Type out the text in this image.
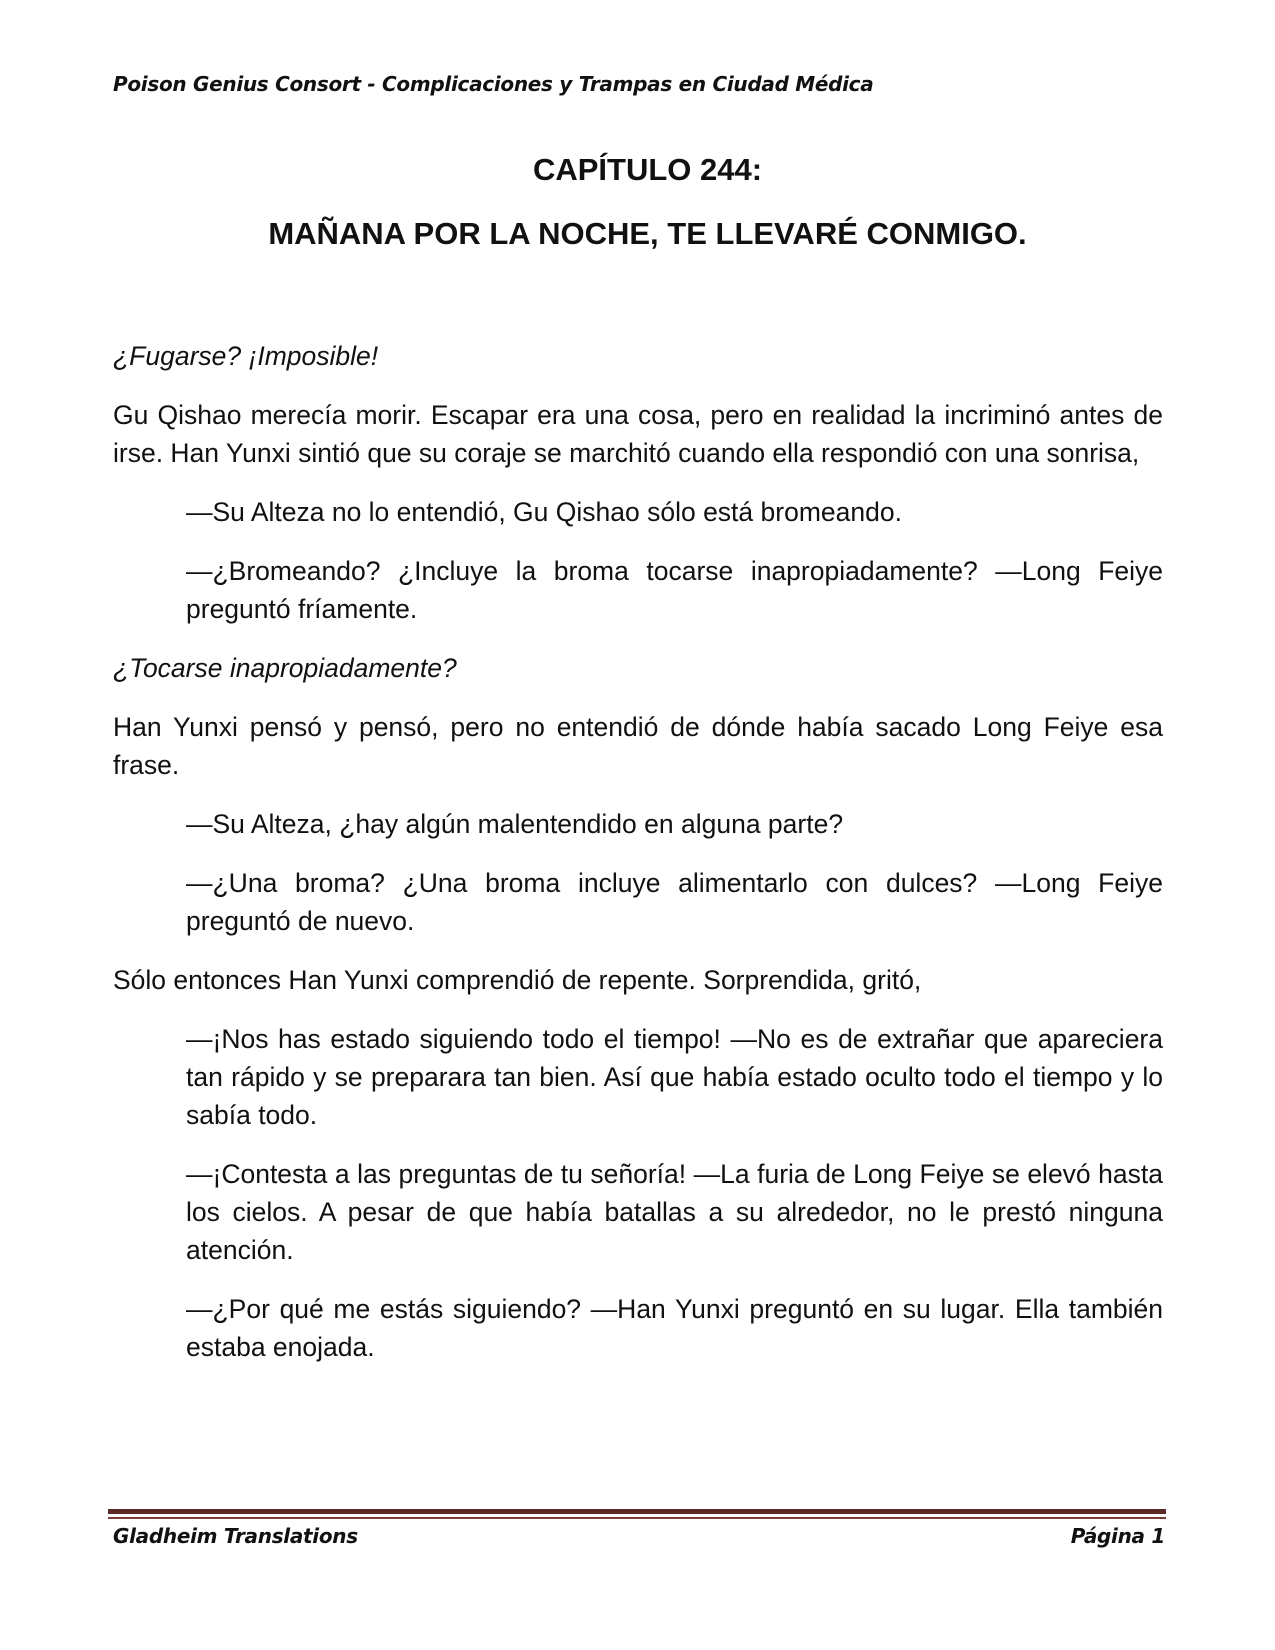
Poison Genius Consort - Complicaciones y Trampas en Ciudad Médica
CAPÍTULO 244:
MAÑANA POR LA NOCHE, TE LLEVARÉ CONMIGO.

¿Fugarse? ¡Imposible!

Gu Qishao merecía morir. Escapar era una cosa, pero en realidad la incriminó antes de irse. Han Yunxi sintió que su coraje se marchitó cuando ella respondió con una sonrisa,

—Su Alteza no lo entendió, Gu Qishao sólo está bromeando.

—¿Bromeando? ¿Incluye la broma tocarse inapropiadamente? —Long Feiye preguntó fríamente.

¿Tocarse inapropiadamente?

Han Yunxi pensó y pensó, pero no entendió de dónde había sacado Long Feiye esa frase.

—Su Alteza, ¿hay algún malentendido en alguna parte?

—¿Una broma? ¿Una broma incluye alimentarlo con dulces? —Long Feiye preguntó de nuevo.

Sólo entonces Han Yunxi comprendió de repente. Sorprendida, gritó,

—¡Nos has estado siguiendo todo el tiempo! —No es de extrañar que apareciera tan rápido y se preparara tan bien. Así que había estado oculto todo el tiempo y lo sabía todo.

—¡Contesta a las preguntas de tu señoría! —La furia de Long Feiye se elevó hasta los cielos. A pesar de que había batallas a su alrededor, no le prestó ninguna atención.

—¿Por qué me estás siguiendo? —Han Yunxi preguntó en su lugar. Ella también estaba enojada.

Gladheim Translations	Página 1
